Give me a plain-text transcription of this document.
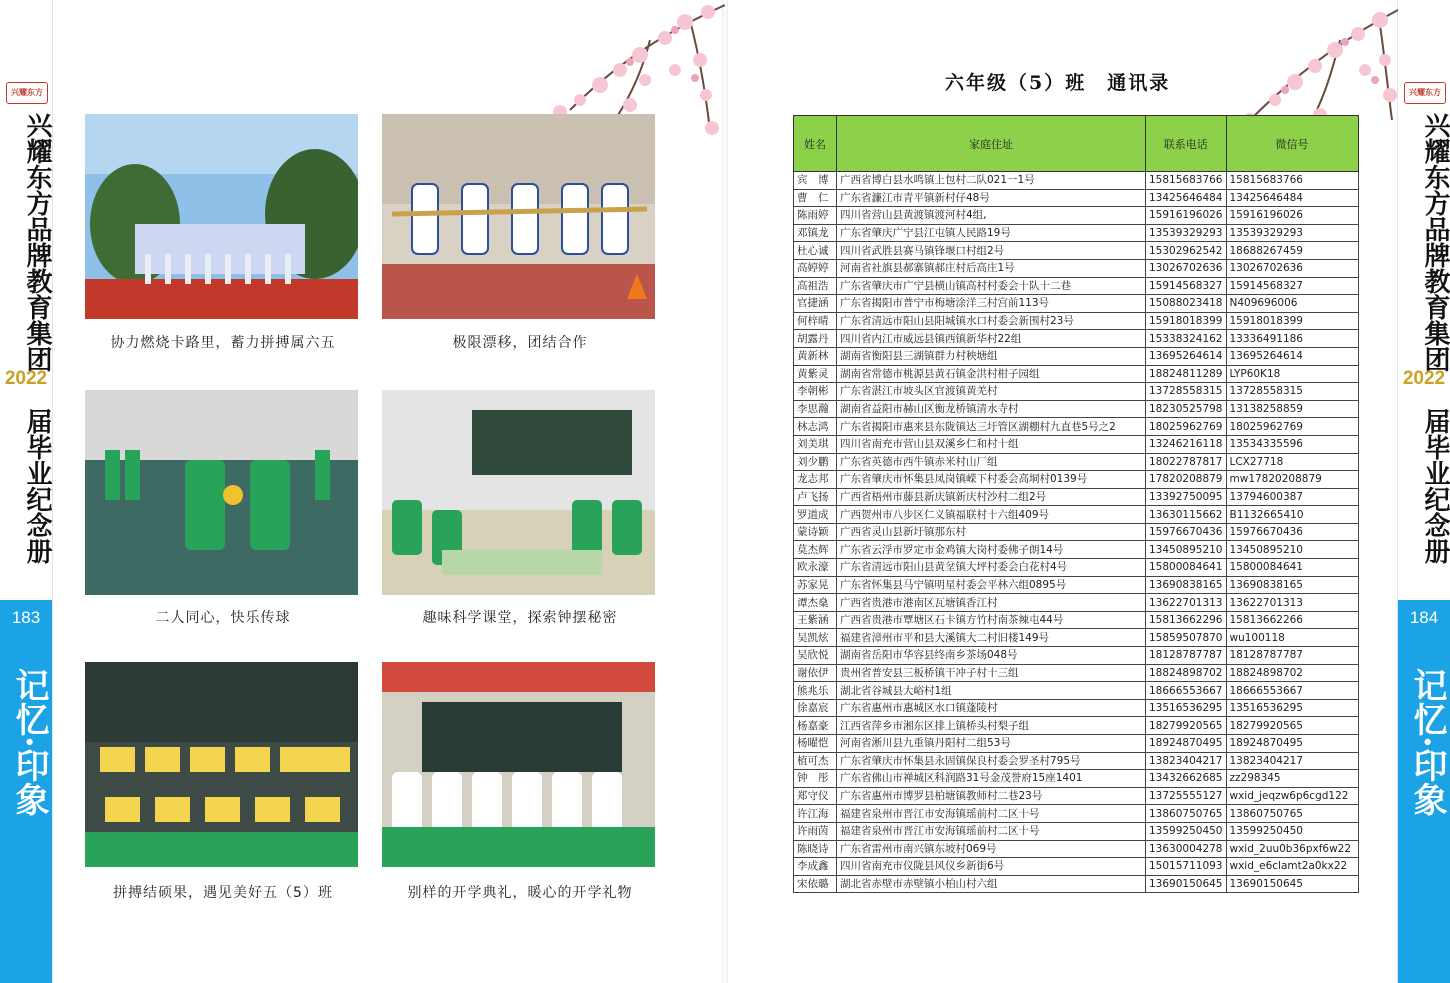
兴耀东方
兴耀东方品牌教育集团
2022
届毕业纪念册
183
记忆·印象
兴耀东方
兴耀东方品牌教育集团
2022
届毕业纪念册
184
记忆·印象
协力燃烧卡路里，蓄力拼搏属六五	极限漂移，团结合作
二人同心，快乐传球	趣味科学课堂，探索钟摆秘密
拼搏结硕果，遇见美好五（5）班	别样的开学典礼，暖心的开学礼物
六年级（5）班　通讯录
姓名	家庭住址	联系电话	微信号
宾　博	广西省博白县水鸣镇上包村二队021一1号	15815683766	15815683766
曹　仁	广东省濂江市青平镇新村仔48号	13425646484	13425646484
陈雨婷	四川省营山县黄渡镇渡河村4组,	15916196026	15916196026
邓镇龙	广东省肇庆广宁县江屯镇人民路19号	13539329293	13539329293
杜心诚	四川省武胜县赛马镇锋堰口村组2号	15302962542	18688267459
高婷婷	河南省社旗县郝寨镇郝庄村后高庄1号	13026702636	13026702636
高祖浩	广东省肇庆市广宁县横山镇高村村委会十队十二巷	15914568327	15914568327
官捷涵	广东省揭阳市普宁市梅塘涂洋三村宫前113号	15088023418	N409696006
何梓晴	广东省清远市阳山县阳城镇水口村委会新围村23号	15918018399	15918018399
胡露丹	四川省内江市威远县镇西镇新华村22组	15338324162	13336491186
黄新林	湖南省衡阳县三湖镇群力村秧塘组	13695264614	13695264614
黄紫灵	湖南省常德市桃源县黄石镇金洪村柑子园组	18824811289	LYP60K18
李朝彬	广东省湛江市坡头区官渡镇黄羌村	13728558315	13728558315
李思瀚	湖南省益阳市赫山区衡龙桥镇清水寺村	18230525798	13138258859
林志鸿	广东省揭阳市惠来县东陇镇达三圩管区湖棚村九直巷5号之2	18025962769	18025962769
刘美琪	四川省南充市营山县双溪乡仁和村十组	13246216118	13534335596
刘少鹏	广东省英德市西牛镇赤米村山厂组	18022787817	LCX27718
龙志邦	广东省肇庆市怀集县凤岗镇嵘下村委会高垌村0139号	17820208879	mw17820208879
卢飞扬	广西省梧州市藤县新庆镇新庆村沙村二组2号	13392750095	13794600387
罗道成	广西贺州市八步区仁义镇福联村十六组409号	13630115662	B1132665410
蒙诗颖	广西省灵山县新圩镇那东村	15976670436	15976670436
莫杰辉	广东省云浮市罗定市金鸡镇大岗村委佛子朗14号	13450895210	13450895210
欧永濠	广东省清远市阳山县黄坌镇大坪村委会白花村4号	15800084641	15800084641
苏家晃	广东省怀集县马宁镇明星村委会平林六组0895号	13690838165	13690838165
谭杰燊	广西省贵港市港南区瓦塘镇香江村	13622701313	13622701313
王紫涵	广西省贵港市覃塘区石卡镇方竹村南茶辣屯44号	15813662296	15813662266
吴凯炫	福建省漳州市平和县大溪镇大二村旧楼149号	15859507870	wu100118
吴欣悦	湖南省岳阳市华容县终南乡茶场048号	18128787787	18128787787
谢依伊	贵州省普安县三板桥镇干冲子村十三组	18824898702	18824898702
熊兆乐	湖北省谷城县大峪村1组	18666553667	18666553667
徐嘉宸	广东省惠州市惠城区水口镇蓬陵村	13516536295	13516536295
杨嘉豪	江西省萍乡市湘东区排上镇桥头村梨子组	18279920565	18279920565
杨曜恺	河南省淅川县九重镇丹阳村二组53号	18924870495	18924870495
植可杰	广东省肇庆市怀集县永固镇保良村委会罗圣村795号	13823404217	13823404217
钟　彤	广东省佛山市禅城区科润路31号金茂誉府15座1401	13432662685	zz298345
郑守仪	广东省惠州市博罗县柏塘镇教师村二巷23号	13725555127	wxid_jeqzw6p6cgd122
许江海	福建省泉州市晋江市安海镇瑶前村二区十号	13860750765	13860750765
许雨茵	福建省泉州市晋江市安海镇瑶前村二区十号	13599250450	13599250450
陈晓诗	广东省雷州市南兴镇东坡村069号	13630004278	wxid_2uu0b36pxf6w22
李成鑫	四川省南充市仪陇县风仪乡新街6号	15015711093	wxid_e6clamt2a0kx22
宋依璐	湖北省赤壁市赤壁镇小柏山村六组	13690150645	13690150645
